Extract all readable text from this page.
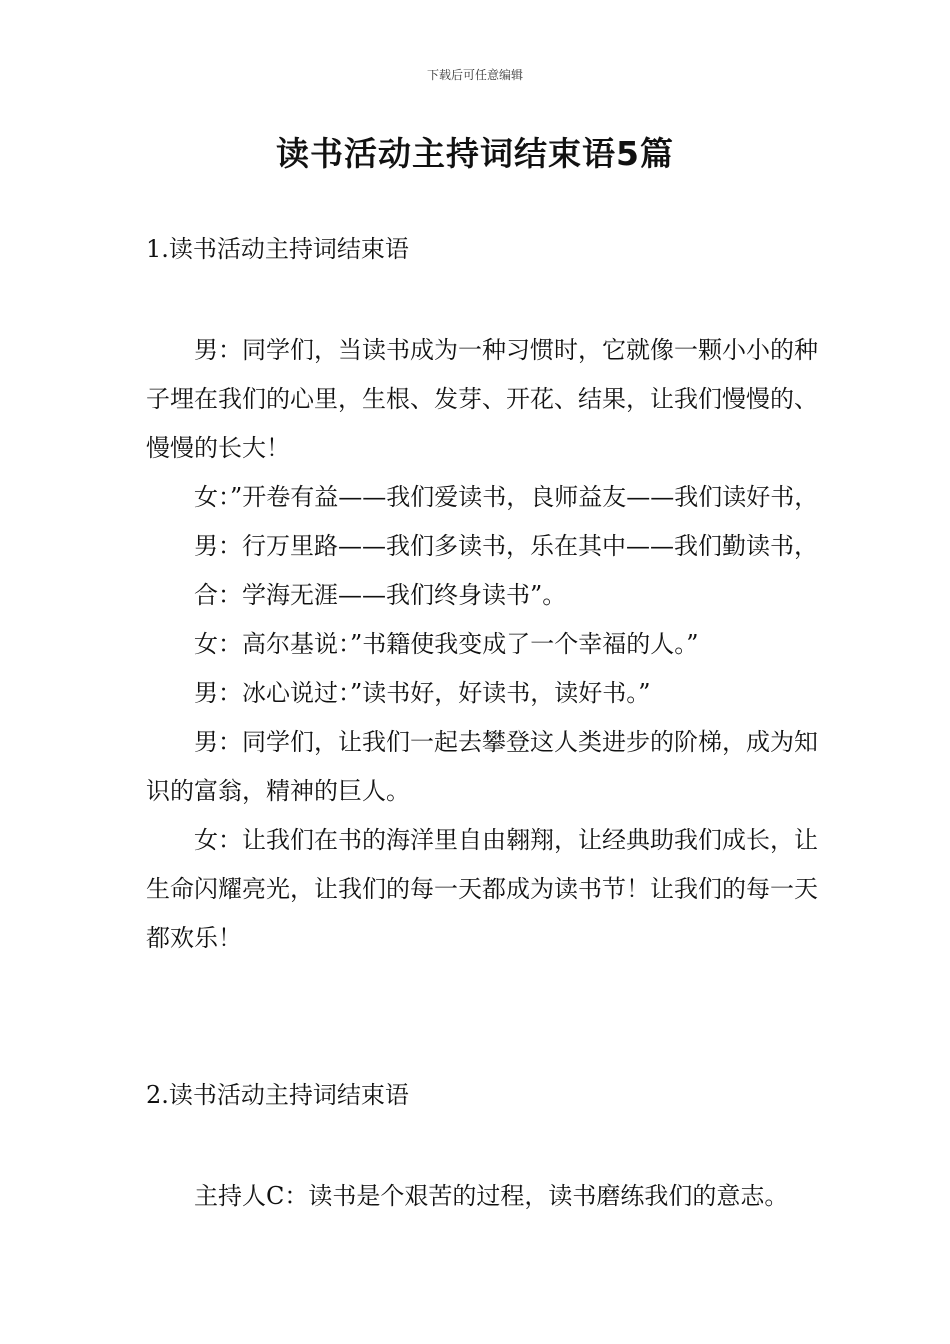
下载后可任意编辑
读书活动主持词结束语5篇
1.读书活动主持词结束语

男：同学们，当读书成为一种习惯时，它就像一颗小小的种子埋在我们的心里，生根、发芽、开花、结果，让我们慢慢的、慢慢的长大！

女：”开卷有益——我们爱读书，良师益友——我们读好书，

男：行万里路——我们多读书，乐在其中——我们勤读书，

合：学海无涯——我们终身读书”。

女：高尔基说：”书籍使我变成了一个幸福的人。”

男：冰心说过：”读书好，好读书，读好书。”

男：同学们，让我们一起去攀登这人类进步的阶梯，成为知识的富翁，精神的巨人。

女：让我们在书的海洋里自由翱翔，让经典助我们成长，让生命闪耀亮光，让我们的每一天都成为读书节！让我们的每一天都欢乐！

2.读书活动主持词结束语

主持人C：读书是个艰苦的过程，读书磨练我们的意志。
